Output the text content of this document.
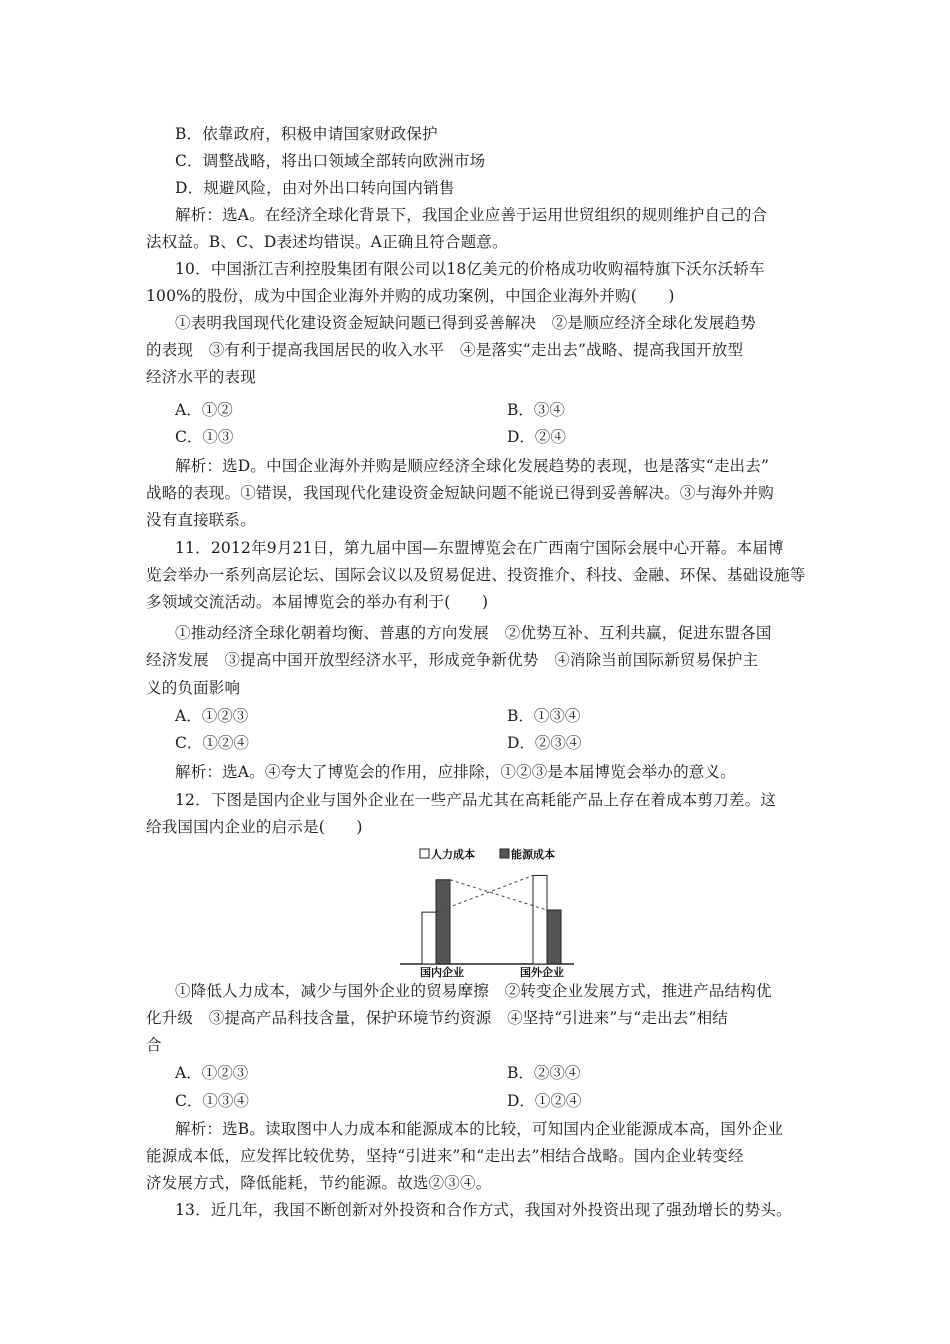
B．依靠政府，积极申请国家财政保护
C．调整战略，将出口领域全部转向欧洲市场
D．规避风险，由对外出口转向国内销售
解析：选A。在经济全球化背景下，我国企业应善于运用世贸组织的规则维护自己的合
法权益。B、C、D表述均错误。A正确且符合题意。
10．中国浙江吉利控股集团有限公司以18亿美元的价格成功收购福特旗下沃尔沃轿车
100%的股份，成为中国企业海外并购的成功案例，中国企业海外并购(　　)
①表明我国现代化建设资金短缺问题已得到妥善解决　②是顺应经济全球化发展趋势
的表现　③有利于提高我国居民的收入水平　④是落实“走出去”战略、提高我国开放型
经济水平的表现
A．①②	B．③④
C．①③	D．②④
解析：选D。中国企业海外并购是顺应经济全球化发展趋势的表现，也是落实“走出去”
战略的表现。①错误，我国现代化建设资金短缺问题不能说已得到妥善解决。③与海外并购
没有直接联系。
11．2012年9月21日，第九届中国—东盟博览会在广西南宁国际会展中心开幕。本届博
览会举办一系列高层论坛、国际会议以及贸易促进、投资推介、科技、金融、环保、基础设施等
多领域交流活动。本届博览会的举办有利于(　　)
①推动经济全球化朝着均衡、普惠的方向发展　②优势互补、互利共赢，促进东盟各国
经济发展　③提高中国开放型经济水平，形成竞争新优势　④消除当前国际新贸易保护主
义的负面影响
A．①②③	B．①③④
C．①②④	D．②③④
解析：选A。④夸大了博览会的作用，应排除，①②③是本届博览会举办的意义。
12．下图是国内企业与国外企业在一些产品尤其在高耗能产品上存在着成本剪刀差。这
给我国国内企业的启示是(　　)
人力成本	能源成本
国内企业	国外企业
①降低人力成本，减少与国外企业的贸易摩擦　②转变企业发展方式，推进产品结构优
化升级　③提高产品科技含量，保护环境节约资源　④坚持“引进来”与“走出去”相结
合
A．①②③	B．②③④
C．①③④	D．①②④
解析：选B。读取图中人力成本和能源成本的比较，可知国内企业能源成本高，国外企业
能源成本低，应发挥比较优势，坚持“引进来”和“走出去”相结合战略。国内企业转变经
济发展方式，降低能耗，节约能源。故选②③④。
13．近几年，我国不断创新对外投资和合作方式，我国对外投资出现了强劲增长的势头。
